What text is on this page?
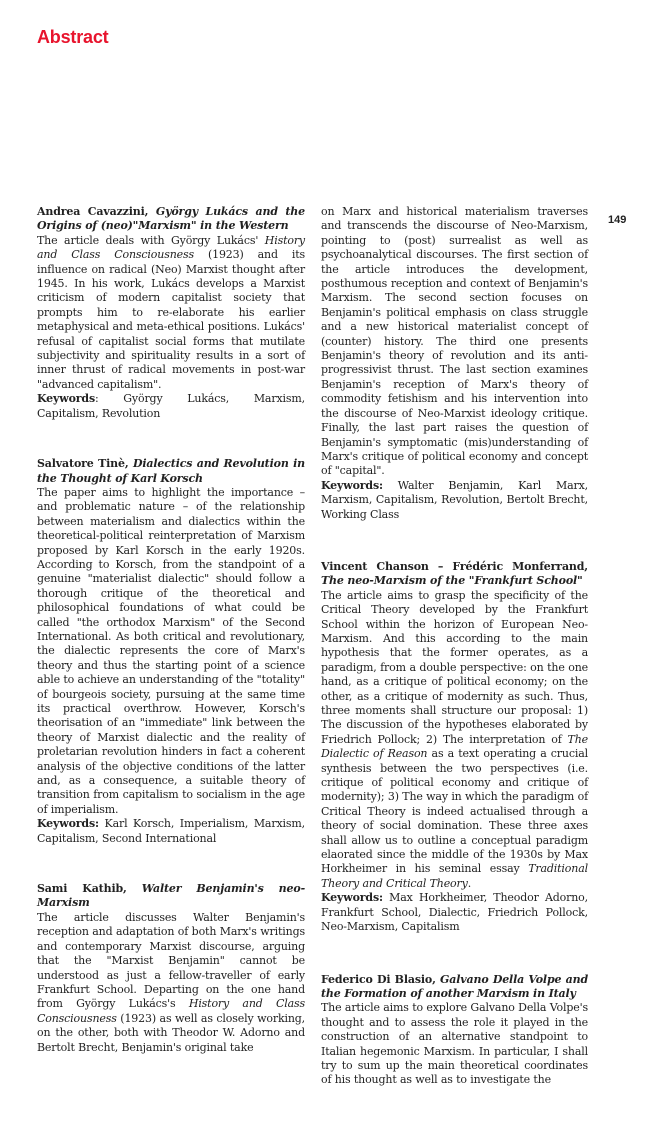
Abstract
149

Andrea Cavazzini, György Lukács and the Origins of (neo)"Marxism" in the Western

The article deals with György Lukács' History and Class Consciousness (1923) and its influence on radical (Neo) Marxist thought after 1945. In his work, Lukács develops a Marxist criticism of modern capitalist society that prompts him to re-elaborate his earlier metaphysical and meta-ethical positions. Lukács' refusal of capitalist social forms that mutilate subjectivity and spirituality results in a sort of inner thrust of radical movements in post-war "advanced capitalism".

Keywords: György Lukács, Marxism, Capitalism, Revolution

Salvatore Tinè, Dialectics and Revolution in the Thought of Karl Korsch

The paper aims to highlight the importance – and problematic nature – of the relationship between materialism and dialectics within the theoretical-political reinterpretation of Marxism proposed by Karl Korsch in the early 1920s. According to Korsch, from the standpoint of a genuine "materialist dialectic" should follow a thorough critique of the theoretical and philosophical foundations of what could be called "the orthodox Marxism" of the Second International. As both critical and revolutionary, the dialectic represents the core of Marx's theory and thus the starting point of a science able to achieve an understanding of the "totality" of bourgeois society, pursuing at the same time its practical overthrow. However, Korsch's theorisation of an "immediate" link between the theory of Marxist dialectic and the reality of proletarian revolution hinders in fact a coherent analysis of the objective conditions of the latter and, as a consequence, a suitable theory of transition from capitalism to socialism in the age of imperialism.

Keywords: Karl Korsch, Imperialism, Marxism, Capitalism, Second International

Sami Kathib, Walter Benjamin's neo-Marxism

The article discusses Walter Benjamin's reception and adaptation of both Marx's writings and contemporary Marxist discourse, arguing that the "Marxist Benjamin" cannot be understood as just a fellow-traveller of early Frankfurt School. Departing on the one hand from György Lukács's History and Class Consciousness (1923) as well as closely working, on the other, both with Theodor W. Adorno and Bertolt Brecht, Benjamin's original take

on Marx and historical materialism traverses and transcends the discourse of Neo-Marxism, pointing to (post) surrealist as well as psychoanalytical discourses. The first section of the article introduces the development, posthumous reception and context of Benjamin's Marxism. The second section focuses on Benjamin's political emphasis on class struggle and a new historical materialist concept of (counter) history. The third one presents Benjamin's theory of revolution and its anti-progressivist thrust. The last section examines Benjamin's reception of Marx's theory of commodity fetishism and his intervention into the discourse of Neo-Marxist ideology critique. Finally, the last part raises the question of Benjamin's symptomatic (mis)understanding of Marx's critique of political economy and concept of "capital".

Keywords: Walter Benjamin, Karl Marx, Marxism, Capitalism, Revolution, Bertolt Brecht, Working Class

Vincent Chanson – Frédéric Monferrand, The neo-Marxism of the "Frankfurt School"

The article aims to grasp the specificity of the Critical Theory developed by the Frankfurt School within the horizon of European Neo-Marxism. And this according to the main hypothesis that the former operates, as a paradigm, from a double perspective: on the one hand, as a critique of political economy; on the other, as a critique of modernity as such. Thus, three moments shall structure our proposal: 1) The discussion of the hypotheses elaborated by Friedrich Pollock; 2) The interpretation of The Dialectic of Reason as a text operating a crucial synthesis between the two perspectives (i.e. critique of political economy and critique of modernity); 3) The way in which the paradigm of Critical Theory is indeed actualised through a theory of social domination. These three axes shall allow us to outline a conceptual paradigm elaorated since the middle of the 1930s by Max Horkheimer in his seminal essay Traditional Theory and Critical Theory.

Keywords: Max Horkheimer, Theodor Adorno, Frankfurt School, Dialectic, Friedrich Pollock, Neo-Marxism, Capitalism

Federico Di Blasio, Galvano Della Volpe and the Formation of another Marxism in Italy

The article aims to explore Galvano Della Volpe's thought and to assess the role it played in the construction of an alternative standpoint to Italian hegemonic Marxism. In particular, I shall try to sum up the main theoretical coordinates of his thought as well as to investigate the
